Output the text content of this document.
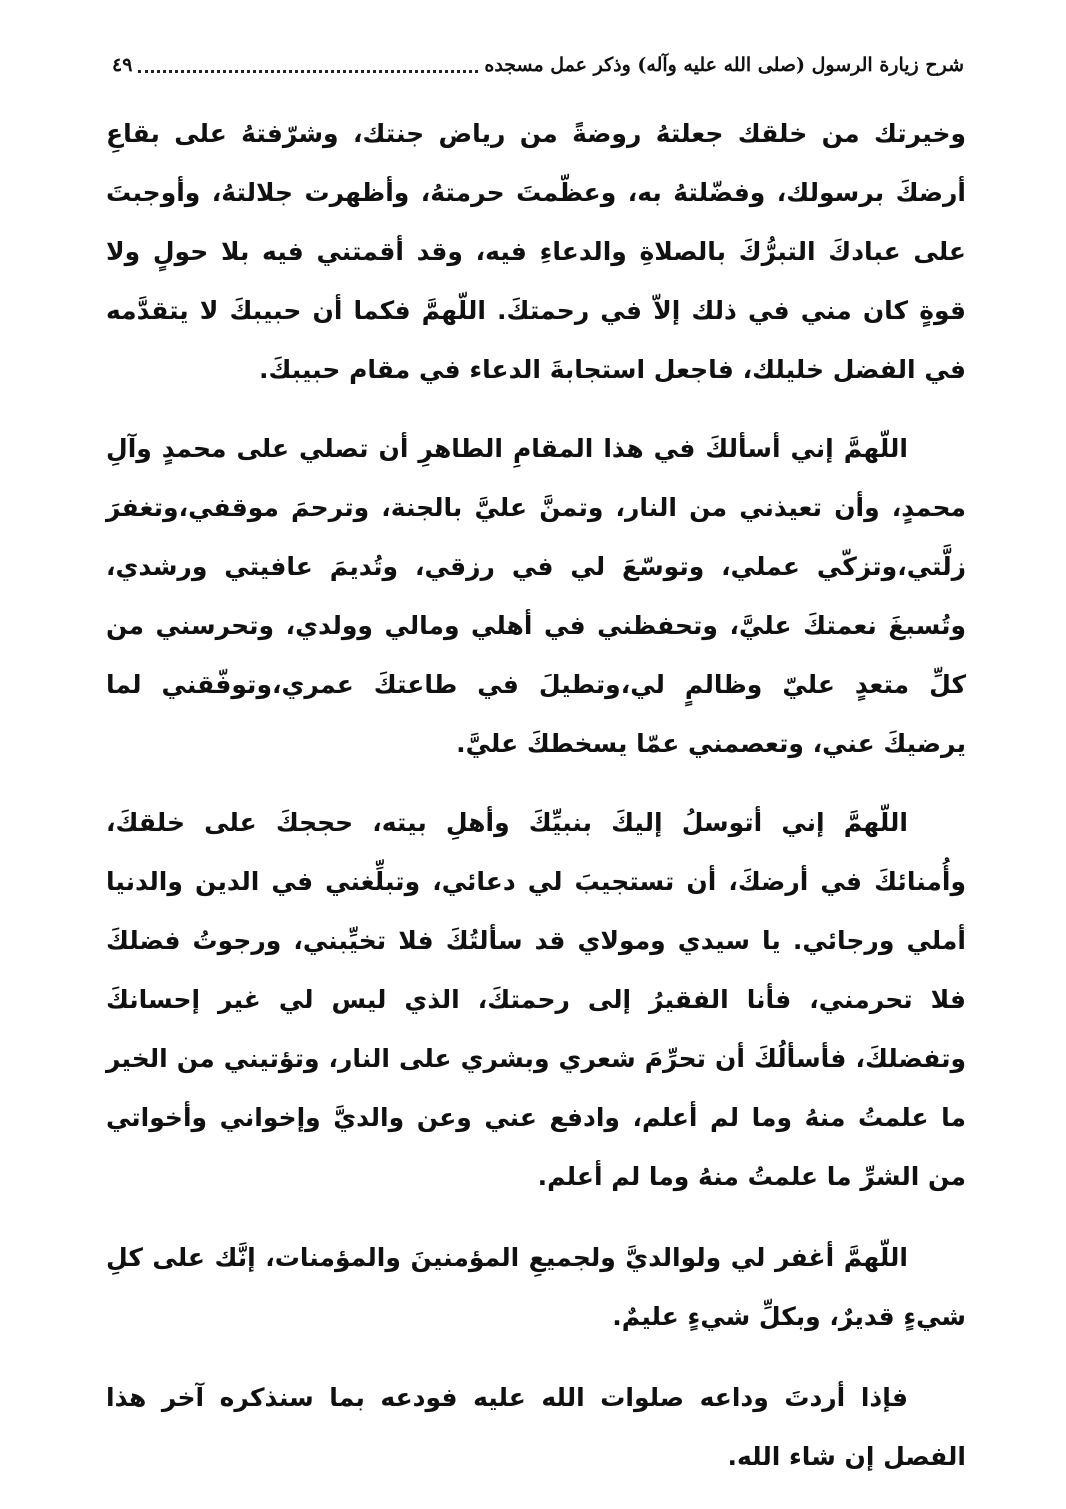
شرح زيارة الرسول (صلى الله عليه وآله) وذكر عمل مسجده
٤٩

وخيرتك من خلقك جعلتهُ روضةً من رياض جنتك، وشرّفتهُ على بقاعِ أرضكَ برسولك، وفضّلتهُ به، وعظّمتَ حرمتهُ، وأظهرت جلالتهُ، وأوجبتَ على عبادكَ التبرُّكَ بالصلاةِ والدعاءِ فيه، وقد أقمتني فيه بلا حولٍ ولا قوةٍ كان مني في ذلك إلاّ في رحمتكَ. اللّهمَّ فكما أن حبيبكَ لا يتقدَّمه في الفضل خليلك، فاجعل استجابةَ الدعاء في مقام حبيبكَ.

اللّهمَّ إني أسألكَ في هذا المقامِ الطاهرِ أن تصلي على محمدٍ وآلِ محمدٍ، وأن تعيذني من النار، وتمنَّ عليَّ بالجنة، وترحمَ موقفي،وتغفرَ زلَّتي،وتزكّي عملي، وتوسّعَ لي في رزقي، وتُديمَ عافيتي ورشدي، وتُسبغَ نعمتكَ عليَّ، وتحفظني في أهلي ومالي وولدي، وتحرسني من كلِّ متعدٍ عليّ وظالمٍ لي،وتطيلَ في طاعتكَ عمري،وتوفّقني لما يرضيكَ عني، وتعصمني عمّا يسخطكَ عليَّ.

اللّهمَّ إني أتوسلُ إليكَ بنبيِّكَ وأهلِ بيته، حججكَ على خلقكَ، وأُمنائكَ في أرضكَ، أن تستجيبَ لي دعائي، وتبلِّغني في الدين والدنيا أملي ورجائي. يا سيدي ومولاي قد سألتُكَ فلا تخيِّبني، ورجوتُ فضلكَ فلا تحرمني، فأنا الفقيرُ إلى رحمتكَ، الذي ليس لي غير إحسانكَ وتفضلكَ، فأسألُكَ أن تحرِّمَ شعري وبشري على النار، وتؤتيني من الخير ما علمتُ منهُ وما لم أعلم، وادفع عني وعن والديَّ وإخواني وأخواتي من الشرِّ ما علمتُ منهُ وما لم أعلم.

اللّهمَّ أغفر لي ولوالديَّ ولجميعِ المؤمنينَ والمؤمنات، إنَّك على كلِ شيءٍ قديرٌ، وبكلِّ شيءٍ عليمٌ.

فإذا أردتَ وداعه صلوات الله عليه فودعه بما سنذكره آخر هذا الفصل إن شاء الله.
